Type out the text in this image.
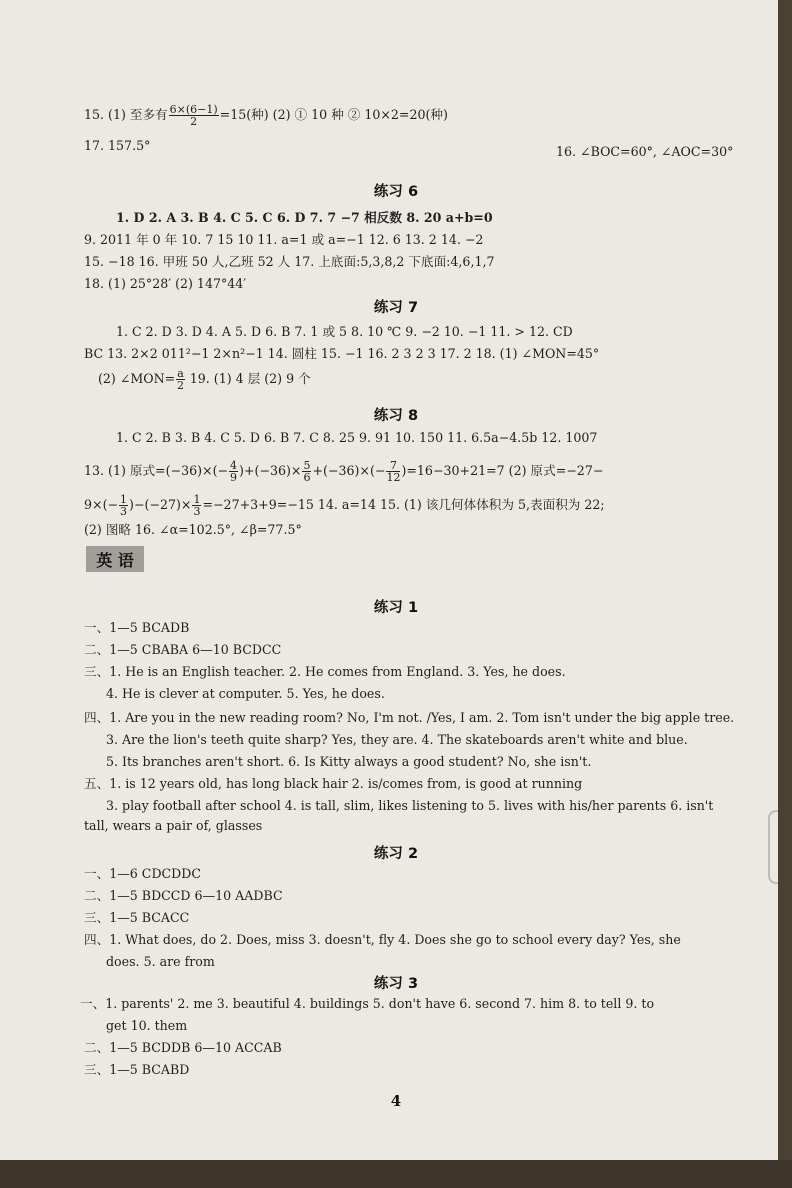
15. (1) 至多有 $\frac{6\times(6-1)}{2} =15$(种) (2) ① 10 种 ② 10×2=20(种)
16. ∠BOC=60°, ∠AOC=30°
17. 157.5°
练习 6
1. D 2. A 3. B 4. C 5. C 6. D 7. 7 −7 相反数 8. 20 a+b=0
9. 2011 年 0 年 10. 7 15 10 11. a=1 或 a=−1 12. 6 13. 2 14. −2
15. −18 16. 甲班 50 人,乙班 52 人 17. 上底面:5,3,8,2 下底面:4,6,1,7
18. (1) 25°28′ (2) 147°44′
练习 7
1. C 2. D 3. D 4. A 5. D 6. B 7. 1 或 5 8. 10 ℃ 9. −2 10. −1 11. > 12. CD
BC 13. 2×2 011²−1 2×n²−1 14. 圆柱 15. −1 16. 2 3 2 3 17. 2 18. (1) ∠MON=45°
(2) ∠MON= $\frac{a}{2} 19$. (1) 4 层 (2) 9 个
练习 8
1. C 2. B 3. B 4. C 5. D 6. B 7. C 8. 25 9. 91 10. 150 11. 6.5a−4.5b 12. 1007
13. (1) 原式$=(-36)\times(- \frac{4}{9} )+(-36)\times \frac{5}{6} +(-36)\times(- \frac{7}{12} )=16-30+21=7$ (2) 原式=−27−
$9\times(- \frac{1}{3} )-(-27)\times \frac{1}{3} =-27+3+9=-15$ 14. a=14 15. (1) 该几何体体积为 5,表面积为 22;
(2) 图略 16. ∠α=102.5°, ∠β=77.5°
英 语
练习 1
一、1—5 BCADB
二、1—5 CBABA 6—10 BCDCC
三、1. He is an English teacher. 2. He comes from England. 3. Yes, he does.
4. He is clever at computer. 5. Yes, he does.
四、1. Are you in the new reading room? No, I'm not. /Yes, I am. 2. Tom isn't under the big apple tree.
3. Are the lion's teeth quite sharp? Yes, they are. 4. The skateboards aren't white and blue.
5. Its branches aren't short. 6. Is Kitty always a good student? No, she isn't.
五、1. is 12 years old, has long black hair 2. is/comes from, is good at running
3. play football after school 4. is tall, slim, likes listening to 5. lives with his/her parents 6. isn't
tall, wears a pair of, glasses
练习 2
一、1—6 CDCDDC
二、1—5 BDCCD 6—10 AADBC
三、1—5 BCACC
四、1. What does, do 2. Does, miss 3. doesn't, fly 4. Does she go to school every day? Yes, she
does. 5. are from
练习 3
一、1. parents' 2. me 3. beautiful 4. buildings 5. don't have 6. second 7. him 8. to tell 9. to
get 10. them
二、1—5 BCDDB 6—10 ACCAB
三、1—5 BCABD
4
